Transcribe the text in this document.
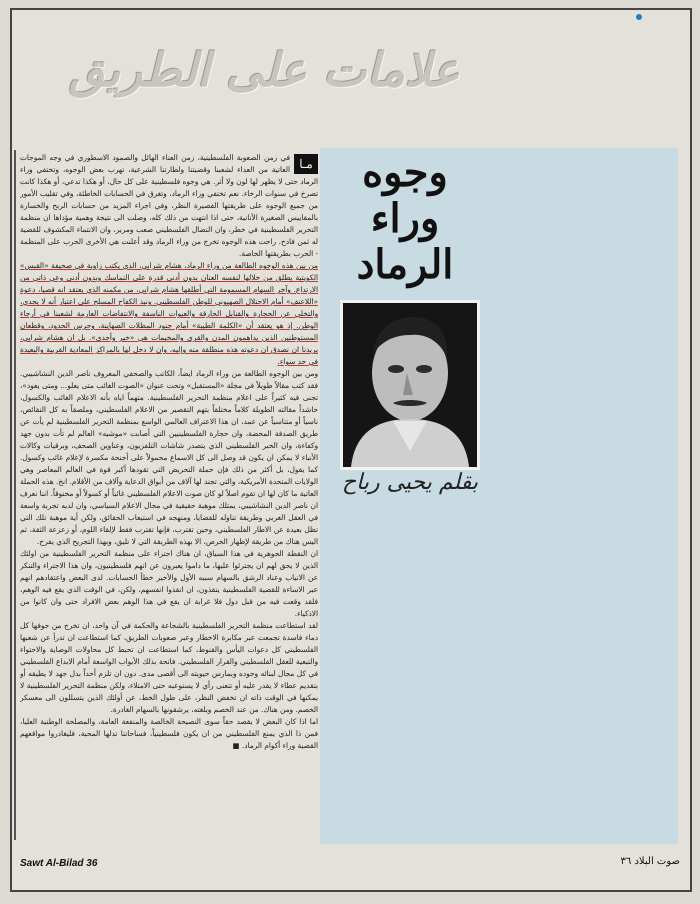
علامات على الطريق
وجوه
وراء الرماد
بقلم يحيى رباح

مـا
في زمن الصعوبة الفلسطينية، زمن العناء الهائل والصمود الاسطوري في وجه الموجات العاتية من العداء لشعبنا وقضيتنا ولطارتنا الشرعية، تهرب بعض الوجوه، وتختفي وراء الرماد حتى لا يظهر لها لون ولا أثر. هي وجوه فلسطينية على كل حال، أو هكذا تدعي، أو هكذا كانت تصرخ في سنوات الرخاء. نعم تختفي وراء الرماد، وتغرق في الحسابات الخاطئة، وفي تقليب الأمور من جميع الوجوه على طريقتها القصيرة النظر، وفي اجراء المزيد من حسابات الربح والخسارة بالمقاييس الصغيرة الأنانية، حتى اذا انتهت من ذلك كله، وصلت الى نتيجة وهمية مؤداها ان منظمة التحرير الفلسطينية في خطر، وان النضال الفلسطيني صعب ومرير، وان الانتماء المكشوف للقضية له ثمن فادح. راحت هذه الوجوه تخرج من وراء الرماد وقد أعلنت هي الأخرى الحرب على المنظمة - الحرب بطريقتها الخاصة.

من بين هذه الوجوه الطالعة من وراء الرماد، هشام شرابي، الذي يكتب زاوية في صحيفة «القبس» الكويتية يطلق من خلالها لنفسه العنان بدون أدنى قدرة على التماسك وبدون أدنى وعي ذاتي من الارتداع. وآخر السهام المسمومة التي أطلقها هشام شرابي، من مكمنه الذي يعتقد انه قصيا، دعوة «اللاعنف» أمام الاحتلال الصهيوني للوطن الفلسطيني. ونبذ الكفاح المسلح على اعتبار أنه لا يجدي، والتخلي عن الحجارة والقنابل الحارقة والعبوات الناسفة والانتفاضات العارمة لشعبنا في أرجاء الوطن. إذ هو يعتقد أن «الكلمة الطيبة» أمام جنود المظلات الصهاينة، وحرس الحدود، وقطعان المستوطنين الذين يداهمون المدن والقرى والمخيمات هي «خير وأجدى». بل ان هشام شرابي، يريدنا ان نصدق ان دعوته هذه منطلقة منه وإليه، وان لا دخل لها بالمراكز المعادية القريبة والبعيدة في حد سواء.

ومن بين الوجوه الطالعة من وراء الرماد ايضاً، الكاتب والصحفي المعروف ناصر الدين النشاشيبي. فقد كتب مقالاً طويلاً في مجلة «المستقبل» وتحت عنوان «الصوت الغائب متى يعلو... ومتى يعود»، تجنى فيه كثيراً على اعلام منظمة التحرير الفلسطينية. متهماً اياه بأنه الاعلام الغائب والكسول، حاشداً مقالته الطويلة كلاماً مختلقاً بتهم التقصير من الاعلام الفلسطيني، وملصقاً به كل النقائص، ناسياً أو متناسياً عن عمد، ان هذا الاعتراف العالمي الواسع بمنظمة التحرير الفلسطينية لم يأت عن طريق الصدفة المحضة، وان حجارة الفلسطينيين التي أصابت «موشيه» العالم لم تأت بدون جهد وكفاءة، وان الخبر الفلسطيني الذي يتصدر شاشات التلفزيون، وعناوين الصحف، وبرقيات وكالات الأنباء لا يمكن ان يكون قد وصل الى كل الاسماع محمولاً على أجنحة مكسرة لإعلام غائب وكسول. كما يقول، بل أكثر من ذلك فإن حملة التحريض التي تقودها أكبر قوة في العالم المعاصر وهي الولايات المتحدة الأمريكية، والتي تجند لها آلاف من أبواق الدعاية وآلاف من الأقلام. انخ. هذه الحملة العاتية ما كان لها ان تقوم اصلاً لو كان صوت الاعلام الفلسطيني غائباً أو كسولاً أو مخنوقاً. اننا نعرف ان ناصر الدين النشاشيبي، يمتلك موهبة حقيقية في مجال الاعلام السياسي، وان لديه تجربة واسعة في العقل الغربي وطريقة تناوله للقضايا، ومنهجه في استيعاب الحقائق، ولكن أية موهبة تلك التي تظل بعيدة عن الاطار الفلسطيني، وحين تقترب، فإنها تقترب فقط لإلقاء اللوم، أو زعزعة الثقة، ثم اليس هناك من طريقة لإظهار الحرص، الا بهذه الطريقة التي لا تليق، وبهذا التجريح الذي يفرح.

ان النقطة الجوهرية في هذا السياق، ان هناك اجتراء على منظمة التحرير الفلسطينية من اولئك الذين لا يحق لهم ان يجترئوا عليها، ما داموا يعبرون عن انهم فلسطينيون، وان هذا الاجتراء والتنكر عن الانياب وعناد الرشق بالسهام سببه الأول والأخير خطأ الحسابات. لدى البعض واعتقادهم انهم عبر الاساءة للقضية الفلسطينية ينقذون، ان انقذوا انفسهم، ولكن، في الوقت الذي يقع فيه الوهم، فلقد وقعت فيه من قبل دول فلا غرابة ان يقع في هذا الوهم بعض الافراد حتى وان كانوا من الاذكياء.

لقد استطاعت منظمة التحرير الفلسطينية بالشجاعة والحكمة في آن واحد، ان تخرج من جوفها كل دماء فاسدة تجمعت عبر مكابرة الاخطار وعبر صعوبات الطريق، كما استطاعت ان تدرأ عن شعبها الفلسطيني كل دعوات اليأس والقنوط، كما استطاعت ان تحبط كل محاولات الوصاية والاحتواء والتبعية للعقل الفلسطيني والقرار الفلسطيني. فاتحة بذلك الأبواب الواسعة أمام الابداع الفلسطيني في كل مجال لبنائه وجوده وبمارس حيويته الى أقصى مدى. دون ان تلزم أحداً بدل جهد لا يطيقه أو بتقديم عطاء لا يقدر عليه أو تتعنى رأي لا يستوعبه حتى الامتلاء، ولكن منظمة التحرير الفلسطينية لا يمكنها في الوقت ذاته ان تخفض النظر، على طول الخط، عن أولئك الذين يتسللون الى معسكر الخصم. ومن هناك. من عند الخصم وبلغته، يرشقونها بالسهام الغادرة.

اما اذا كان البعض لا يقصد حقاً سوى النصيحة الخالصة والمنفعة العامة، والمصلحة الوطنية العليا، فمن ذا الذي يمنع الفلسطيني من ان يكون فلسطينياً، فساحاتنا تدلها المحبة، فليغادروا مواقعهم القصية وراء أكوام الرماد. ■

Sawt Al-Bilad 36	صوت البلاد ٣٦
